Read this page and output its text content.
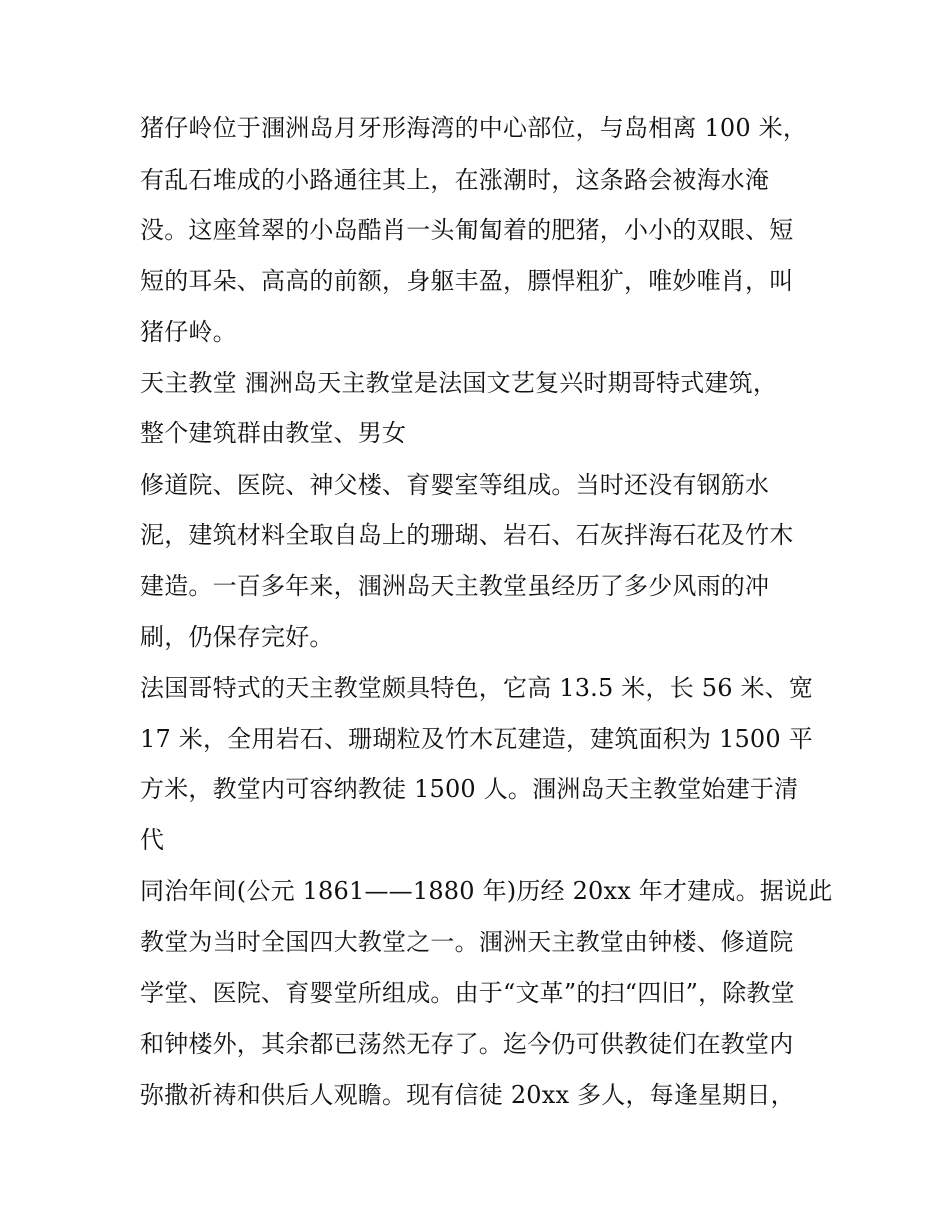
猪仔岭位于涠洲岛月牙形海湾的中心部位，与岛相离 100 米，
有乱石堆成的小路通往其上，在涨潮时，这条路会被海水淹
没。这座耸翠的小岛酷肖一头匍匐着的肥猪，小小的双眼、短
短的耳朵、高高的前额，身躯丰盈，膘悍粗犷，唯妙唯肖，叫
猪仔岭。
天主教堂 涠洲岛天主教堂是法国文艺复兴时期哥特式建筑，
整个建筑群由教堂、男女
修道院、医院、神父楼、育婴室等组成。当时还没有钢筋水
泥，建筑材料全取自岛上的珊瑚、岩石、石灰拌海石花及竹木
建造。一百多年来，涠洲岛天主教堂虽经历了多少风雨的冲
刷，仍保存完好。
法国哥特式的天主教堂颇具特色，它高 13.5 米，长 56 米、宽
17 米，全用岩石、珊瑚粒及竹木瓦建造，建筑面积为 1500 平
方米，教堂内可容纳教徒 1500 人。涠洲岛天主教堂始建于清
代
同治年间(公元 1861——1880 年)历经 20xx 年才建成。据说此
教堂为当时全国四大教堂之一。涠洲天主教堂由钟楼、修道院
学堂、医院、育婴堂所组成。由于“文革”的扫“四旧”，除教堂
和钟楼外，其余都已荡然无存了。迄今仍可供教徒们在教堂内
弥撒祈祷和供后人观瞻。现有信徒 20xx 多人，每逢星期日，
